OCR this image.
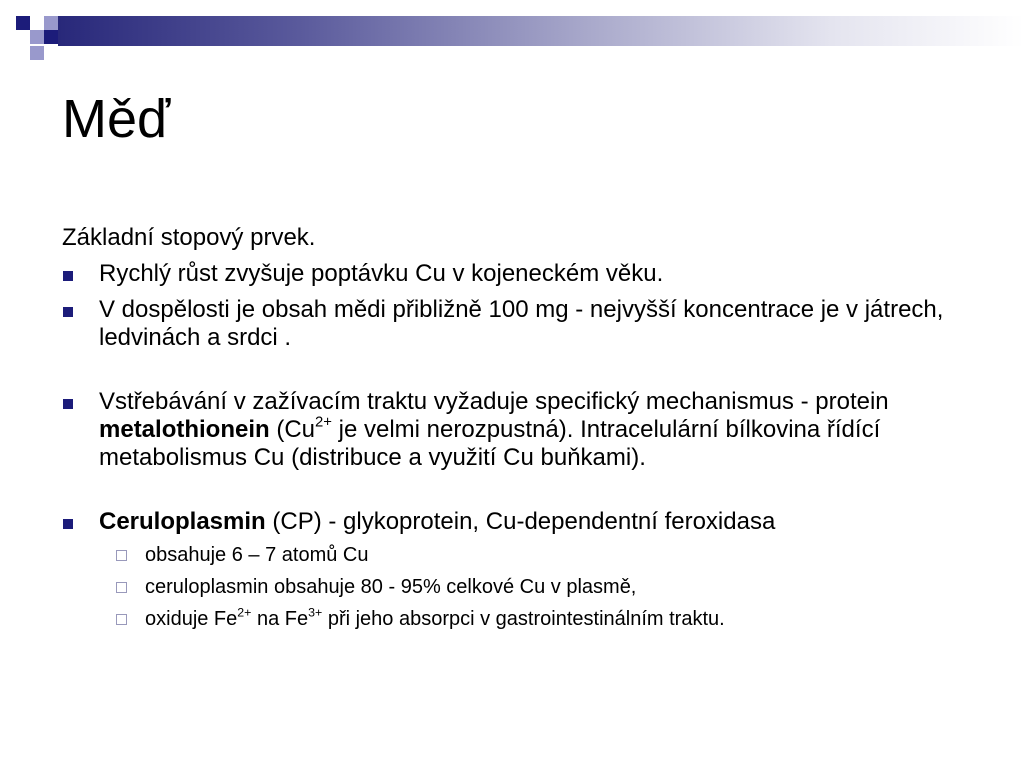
Měď

Základní stopový prvek.

Rychlý růst zvyšuje poptávku Cu v kojeneckém věku.
V dospělosti je obsah mědi přibližně 100 mg - nejvyšší koncentrace je v játrech, ledvinách a srdci .
Vstřebávání v zažívacím traktu vyžaduje specifický mechanismus - protein metalothionein ($Cu^{2+}$ je velmi nerozpustná). Intracelulární bílkovina řídící metabolismus Cu (distribuce a využití Cu buňkami).
Ceruloplasmin (CP) - glykoprotein, Cu-dependentní feroxidasa
obsahuje 6 – 7 atomů Cu
ceruloplasmin obsahuje 80 - 95% celkové Cu v plasmě,
oxiduje $Fe^{2+}$ na $Fe^{3+}$ při jeho absorpci v gastrointestinálním traktu.
